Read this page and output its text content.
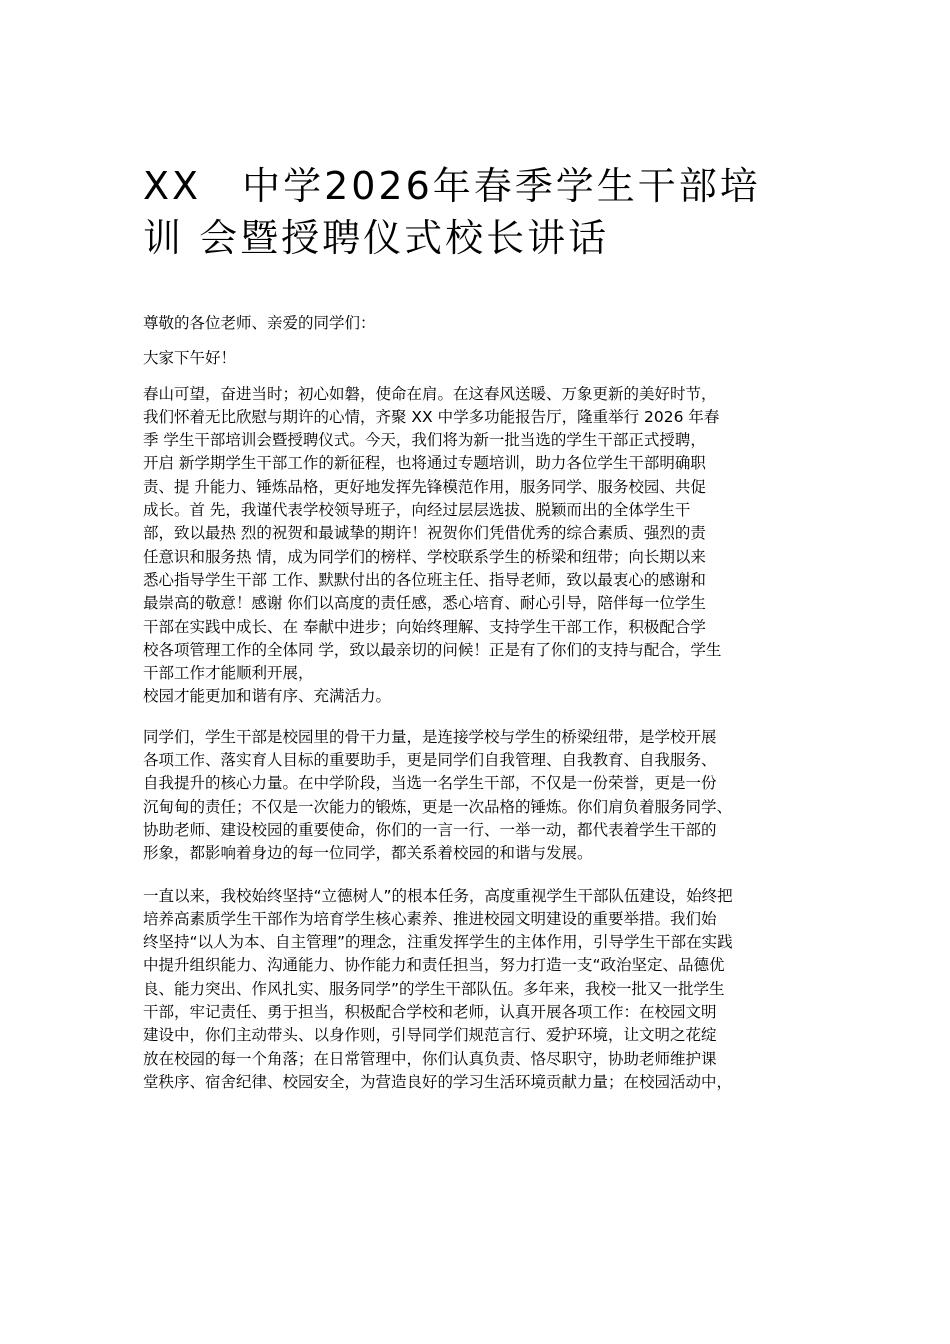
XX　中学2026年春季学生干部培
训 会暨授聘仪式校长讲话

尊敬的各位老师、亲爱的同学们：

大家下午好！

春山可望，奋进当时；初心如磐，使命在肩。在这春风送暖、万象更新的美好时节，
我们怀着无比欣慰与期许的心情，齐聚 XX 中学多功能报告厅，隆重举行 2026 年春
季 学生干部培训会暨授聘仪式。今天，我们将为新一批当选的学生干部正式授聘，
开启 新学期学生干部工作的新征程，也将通过专题培训，助力各位学生干部明确职
责、提 升能力、锤炼品格，更好地发挥先锋模范作用，服务同学、服务校园、共促
成长。首 先，我谨代表学校领导班子，向经过层层选拔、脱颖而出的全体学生干
部，致以最热 烈的祝贺和最诚挚的期许！祝贺你们凭借优秀的综合素质、强烈的责
任意识和服务热 情，成为同学们的榜样、学校联系学生的桥梁和纽带；向长期以来
悉心指导学生干部 工作、默默付出的各位班主任、指导老师，致以最衷心的感谢和
最崇高的敬意！感谢 你们以高度的责任感，悉心培育、耐心引导，陪伴每一位学生
干部在实践中成长、在 奉献中进步；向始终理解、支持学生干部工作，积极配合学
校各项管理工作的全体同 学，致以最亲切的问候！正是有了你们的支持与配合，学生
干部工作才能顺利开展，
校园才能更加和谐有序、充满活力。

同学们，学生干部是校园里的骨干力量，是连接学校与学生的桥梁纽带，是学校开展
各项工作、落实育人目标的重要助手，更是同学们自我管理、自我教育、自我服务、
自我提升的核心力量。在中学阶段，当选一名学生干部，不仅是一份荣誉，更是一份
沉甸甸的责任；不仅是一次能力的锻炼，更是一次品格的锤炼。你们肩负着服务同学、
协助老师、建设校园的重要使命，你们的一言一行、一举一动，都代表着学生干部的
形象，都影响着身边的每一位同学，都关系着校园的和谐与发展。

一直以来，我校始终坚持“立德树人”的根本任务，高度重视学生干部队伍建设，始终把
培养高素质学生干部作为培育学生核心素养、推进校园文明建设的重要举措。我们始
终坚持“以人为本、自主管理”的理念，注重发挥学生的主体作用，引导学生干部在实践
中提升组织能力、沟通能力、协作能力和责任担当，努力打造一支“政治坚定、品德优
良、能力突出、作风扎实、服务同学”的学生干部队伍。多年来，我校一批又一批学生
干部，牢记责任、勇于担当，积极配合学校和老师，认真开展各项工作：在校园文明
建设中，你们主动带头、以身作则，引导同学们规范言行、爱护环境，让文明之花绽
放在校园的每一个角落；在日常管理中，你们认真负责、恪尽职守，协助老师维护课
堂秩序、宿舍纪律、校园安全，为营造良好的学习生活环境贡献力量；在校园活动中，
